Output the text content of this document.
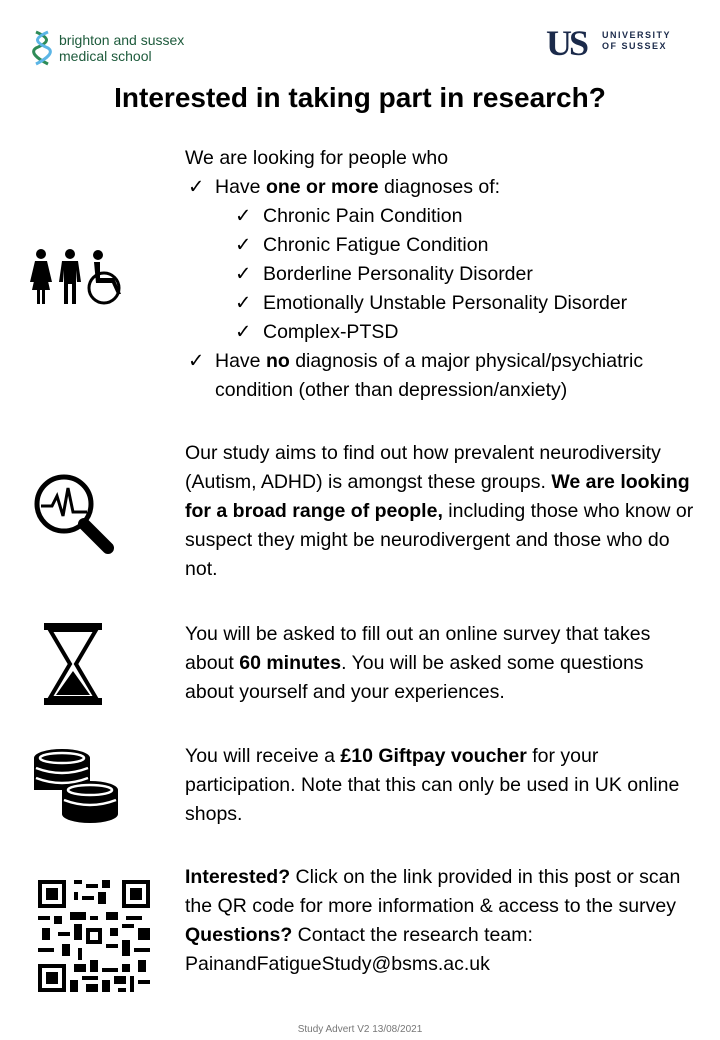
brighton and sussex
medical school	US UNIVERSITY
OF SUSSEX
Interested in taking part in research?
We are looking for people who
✓ Have one or more diagnoses of:
✓ Chronic Pain Condition
✓ Chronic Fatigue Condition
✓ Borderline Personality Disorder
✓ Emotionally Unstable Personality Disorder
✓ Complex-PTSD
✓ Have no diagnosis of a major physical/psychiatric condition (other than depression/anxiety)
Our study aims to find out how prevalent neurodiversity (Autism, ADHD) is amongst these groups. We are looking for a broad range of people, including those who know or suspect they might be neurodivergent and those who do not.
You will be asked to fill out an online survey that takes about 60 minutes. You will be asked some questions about yourself and your experiences.
You will receive a £10 Giftpay voucher for your participation. Note that this can only be used in UK online shops.
Interested? Click on the link provided in this post or scan the QR code for more information & access to the survey
Questions? Contact the research team:
PainandFatigueStudy@bsms.ac.uk
Study Advert V2 13/08/2021
